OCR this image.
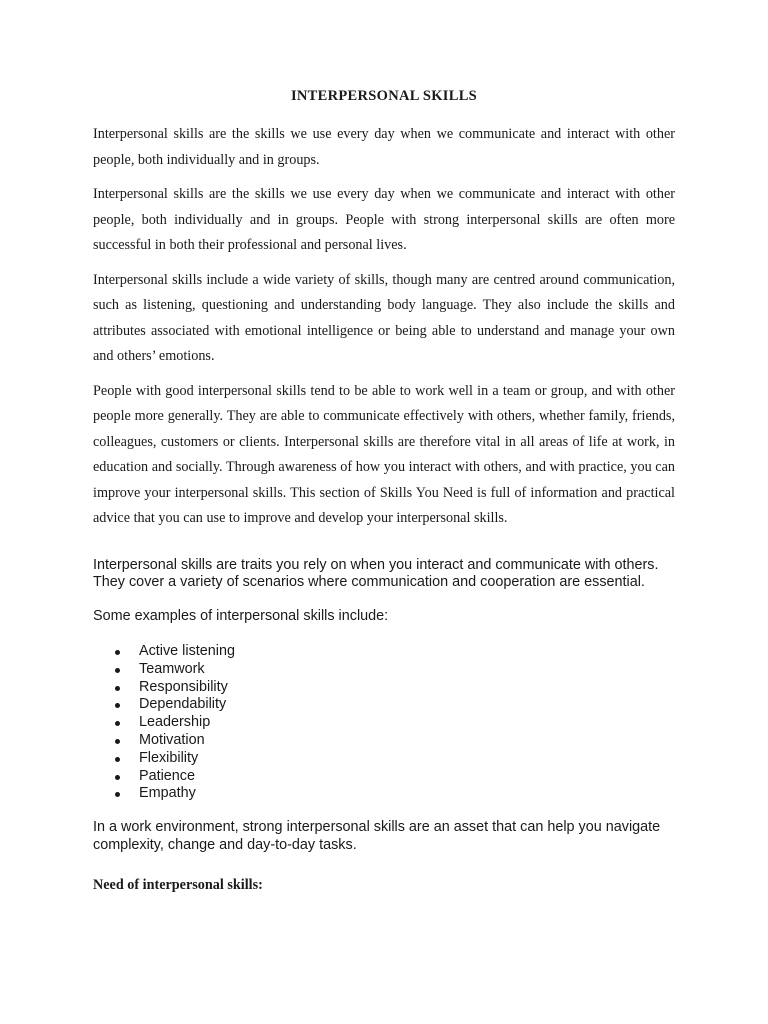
INTERPERSONAL SKILLS

Interpersonal skills are the skills we use every day when we communicate and interact with other people, both individually and in groups.

Interpersonal skills are the skills we use every day when we communicate and interact with other people, both individually and in groups. People with strong interpersonal skills are often more successful in both their professional and personal lives.

Interpersonal skills include a wide variety of skills, though many are centred around communication, such as listening, questioning and understanding body language. They also include the skills and attributes associated with emotional intelligence or being able to understand and manage your own and others’ emotions.

People with good interpersonal skills tend to be able to work well in a team or group, and with other people more generally. They are able to communicate effectively with others, whether family, friends, colleagues, customers or clients. Interpersonal skills are therefore vital in all areas of life at work, in education and socially. Through awareness of how you interact with others, and with practice, you can improve your interpersonal skills. This section of Skills You Need is full of information and practical advice that you can use to improve and develop your interpersonal skills.

Interpersonal skills are traits you rely on when you interact and communicate with others. They cover a variety of scenarios where communication and cooperation are essential.

Some examples of interpersonal skills include:

Active listening
Teamwork
Responsibility
Dependability
Leadership
Motivation
Flexibility
Patience
Empathy

In a work environment, strong interpersonal skills are an asset that can help you navigate complexity, change and day-to-day tasks.

Need of interpersonal skills:
